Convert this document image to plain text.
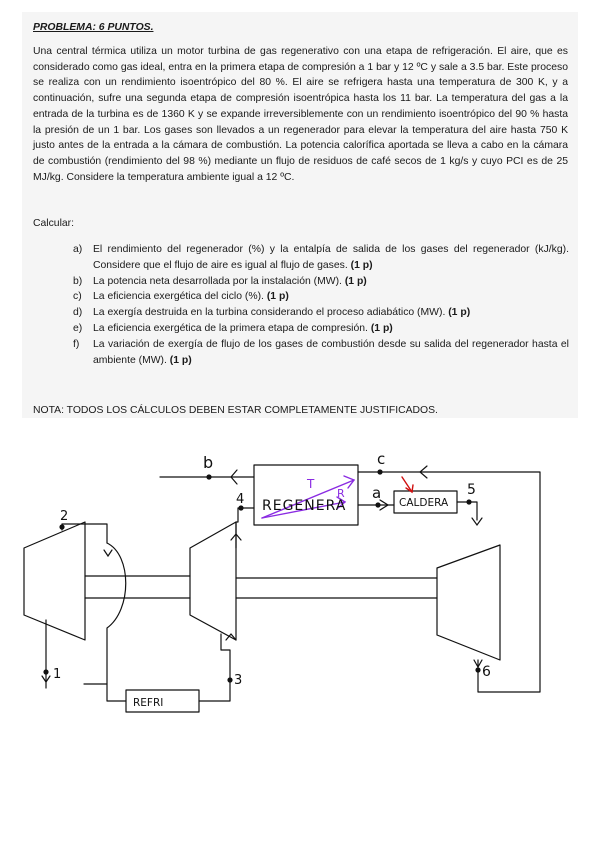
PROBLEMA: 6 PUNTOS.
Una central térmica utiliza un motor turbina de gas regenerativo con una etapa de refrigeración. El aire, que es considerado como gas ideal, entra en la primera etapa de compresión a 1 bar y 12 ºC y sale a 3.5 bar. Este proceso se realiza con un rendimiento isoentrópico del 80 %. El aire se refrigera hasta una temperatura de 300 K, y a continuación, sufre una segunda etapa de compresión isoentrópica hasta los 11 bar. La temperatura del gas a la entrada de la turbina es de 1360 K y se expande irreversiblemente con un rendimiento isoentrópico del 90 % hasta la presión de un 1 bar. Los gases son llevados a un regenerador para elevar la temperatura del aire hasta 750 K justo antes de la entrada a la cámara de combustión. La potencia calorífica aportada se lleva a cabo en la cámara de combustión (rendimiento del 98 %) mediante un flujo de residuos de café secos de 1 kg/s y cuyo PCI es de 25 MJ/kg. Considere la temperatura ambiente igual a 12 ºC.
Calcular:
a) El rendimiento del regenerador (%) y la entalpía de salida de los gases del regenerador (kJ/kg). Considere que el flujo de aire es igual al flujo de gases. (1 p)
b) La potencia neta desarrollada por la instalación (MW). (1 p)
c) La eficiencia exergética del ciclo (%). (1 p)
d) La exergía destruida en la turbina considerando el proceso adiabático (MW). (1 p)
e) La eficiencia exergética de la primera etapa de compresión. (1 p)
f) La variación de exergía de flujo de los gases de combustión desde su salida del regenerador hasta el ambiente (MW). (1 p)
NOTA: TODOS LOS CÁLCULOS DEBEN ESTAR COMPLETAMENTE JUSTIFICADOS.
T
R
REGENERA	CALDERA
REFRI
2
1	3
4
5
6
a
b	c
